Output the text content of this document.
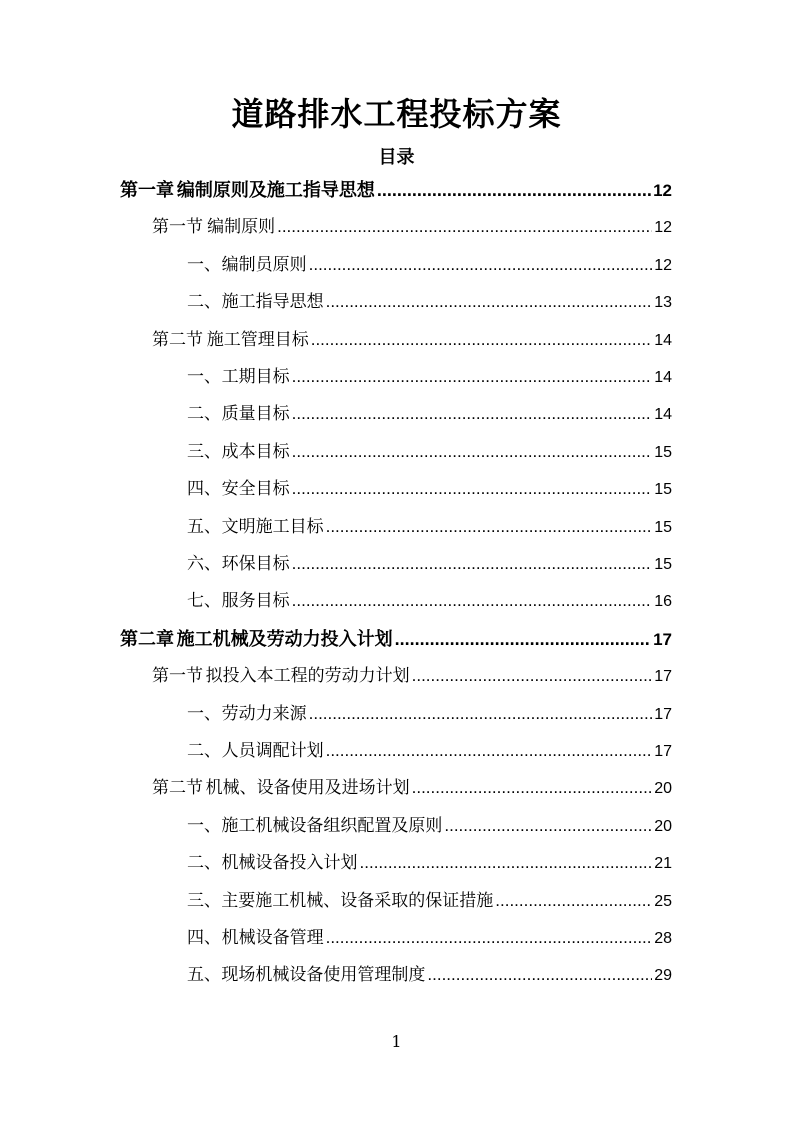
道路排水工程投标方案
目录
第一章 编制原则及施工指导思想 .....	12
第一节 编制原则 .....	12
一、 编制员原则 .....	12
二、 施工指导思想 .....	13
第二节 施工管理目标 .....	14
一、 工期目标 .....	14
二、 质量目标 .....	14
三、 成本目标 .....	15
四、 安全目标 .....	15
五、 文明施工目标 .....	15
六、 环保目标 .....	15
七、 服务目标 .....	16
第二章 施工机械及劳动力投入计划 .....	17
第一节 拟投入本工程的劳动力计划 .....	17
一、 劳动力来源 .....	17
二、 人员调配计划 .....	17
第二节 机械、设备使用及进场计划 .....	20
一、 施工机械设备组织配置及原则 .....	20
二、 机械设备投入计划 .....	21
三、 主要施工机械、设备采取的保证措施 .....	25
四、 机械设备管理 .....	28
五、 现场机械设备使用管理制度 .....	29
1
